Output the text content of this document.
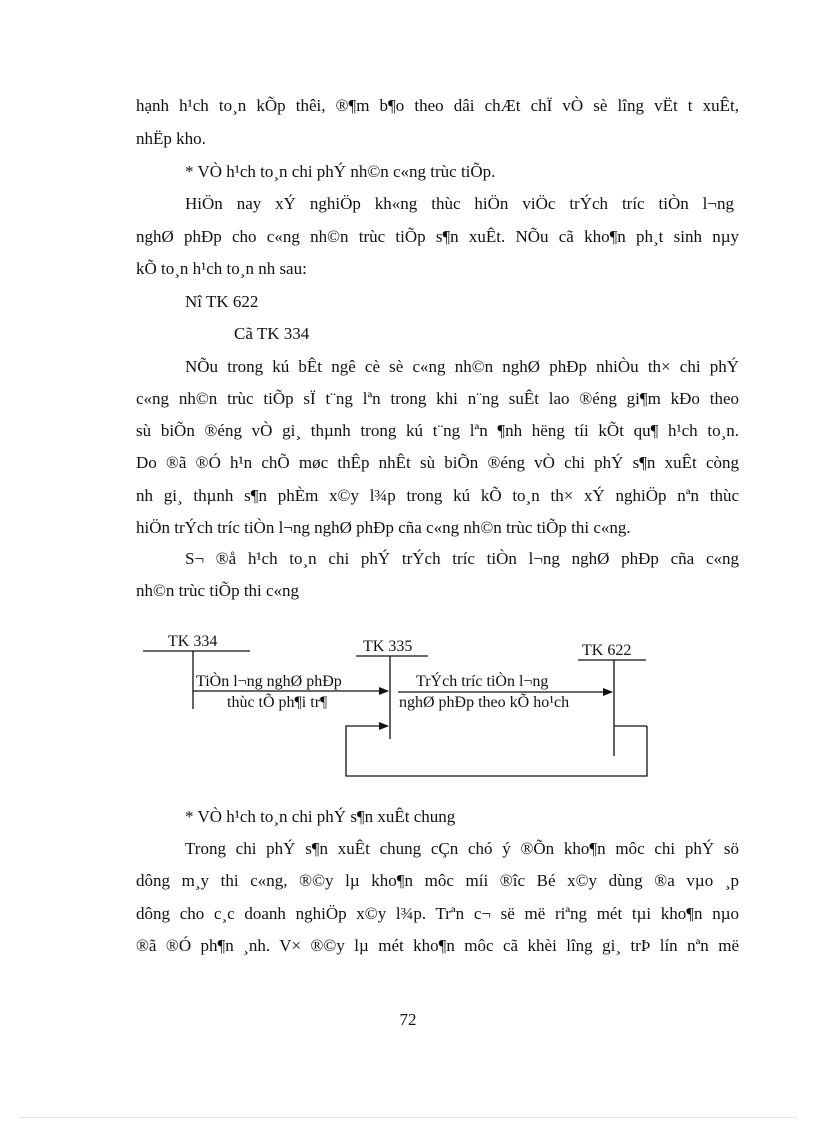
hạnh h¹ch to¸n kÕp thêi, ®¶m b¶o theo dâi chÆt chÏ vÒ sè lîng vËt t xuÊt,
nhËp kho.
* VÒ h¹ch to¸n chi phÝ nh©n c«ng trùc tiÕp.
HiÖn nay xÝ nghiÖp kh«ng thùc hiÖn viÖc trÝch tríc tiÒn l¬ng
nghØ phÐp cho c«ng nh©n trùc tiÕp s¶n xuÊt. NÕu cã kho¶n ph¸t sinh nµy
kÕ to¸n h¹ch to¸n nh sau:
Nî TK 622
Cã TK 334
NÕu trong kú bÊt ngê cè sè c«ng nh©n nghØ phÐp nhiÒu th× chi phÝ
c«ng nh©n trùc tiÕp sÏ t¨ng lªn trong khi n¨ng suÊt lao ®éng gi¶m kÐo theo
sù biÕn ®éng vÒ gi¸ thµnh trong kú t¨ng lªn ¶nh hëng tíi kÕt qu¶ h¹ch to¸n.
Do ®ã ®Ó h¹n chÕ møc thÊp nhÊt sù biÕn ®éng vÒ chi phÝ s¶n xuÊt còng
nh gi¸ thµnh s¶n phÈm x©y l¾p trong kú kÕ to¸n th× xÝ nghiÖp nªn thùc
hiÖn trÝch tríc tiÒn l¬ng nghØ phÐp cña c«ng nh©n trùc tiÕp thi c«ng.
S¬ ®å h¹ch to¸n chi phÝ trÝch tríc tiÒn l¬ng nghØ phÐp cña c«ng
nh©n trùc tiÕp thi c«ng
TK 334	TK 335	TK 622
TiÒn l¬ng nghØ phÐp
thùc tÕ ph¶i tr¶
TrÝch tríc tiÒn l¬ng
nghØ phÐp theo kÕ ho¹ch
* VÒ h¹ch to¸n chi phÝ s¶n xuÊt chung
Trong chi phÝ s¶n xuÊt chung cÇn chó ý ®Õn kho¶n môc chi phÝ sö
dông m¸y thi c«ng, ®©y lµ kho¶n môc míi ®îc Bé x©y dùng ®a vµo ¸p
dông cho c¸c doanh nghiÖp x©y l¾p. Trªn c¬ së më riªng mét tµi kho¶n nµo
®ã ®Ó ph¶n ¸nh. V× ®©y lµ mét kho¶n môc cã khèi lîng gi¸ trÞ lín nªn më
72
